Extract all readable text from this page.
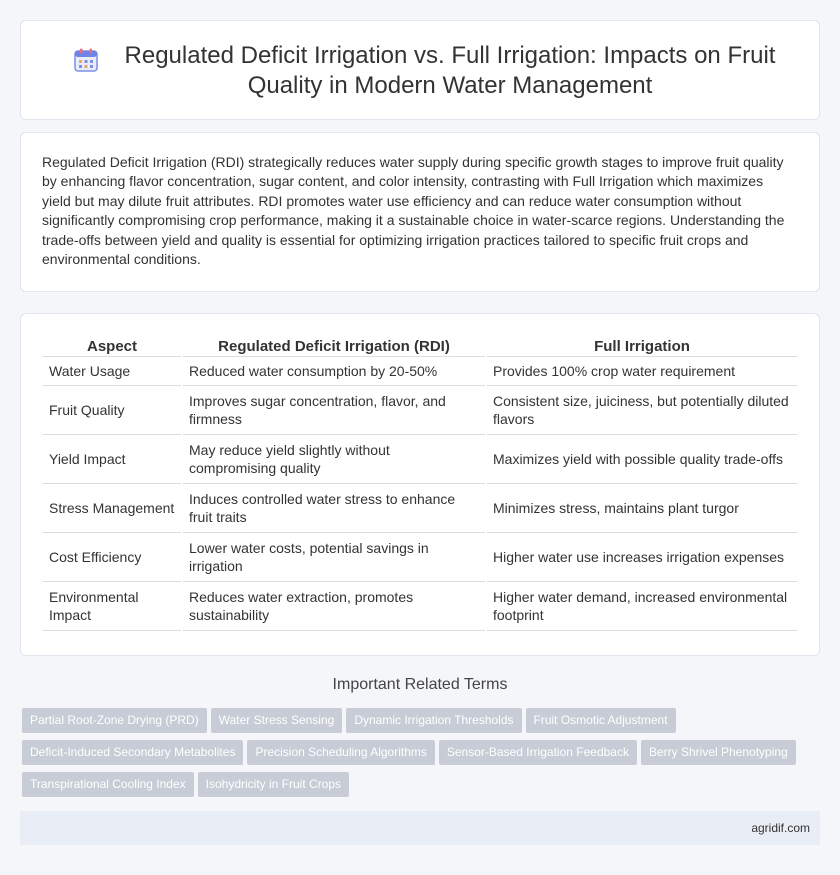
Regulated Deficit Irrigation vs. Full Irrigation: Impacts on Fruit Quality in Modern Water Management

Regulated Deficit Irrigation (RDI) strategically reduces water supply during specific growth stages to improve fruit quality by enhancing flavor concentration, sugar content, and color intensity, contrasting with Full Irrigation which maximizes yield but may dilute fruit attributes. RDI promotes water use efficiency and can reduce water consumption without significantly compromising crop performance, making it a sustainable choice in water-scarce regions. Understanding the trade-offs between yield and quality is essential for optimizing irrigation practices tailored to specific fruit crops and environmental conditions.

Aspect	Regulated Deficit Irrigation (RDI)	Full Irrigation
Water Usage	Reduced water consumption by 20-50%	Provides 100% crop water requirement
Fruit Quality	Improves sugar concentration, flavor, and firmness	Consistent size, juiciness, but potentially diluted flavors
Yield Impact	May reduce yield slightly without compromising quality	Maximizes yield with possible quality trade-offs
Stress Management	Induces controlled water stress to enhance fruit traits	Minimizes stress, maintains plant turgor
Cost Efficiency	Lower water costs, potential savings in irrigation	Higher water use increases irrigation expenses
Environmental Impact	Reduces water extraction, promotes sustainability	Higher water demand, increased environmental footprint
Important Related Terms
Partial Root-Zone Drying (PRD) Water Stress Sensing Dynamic Irrigation Thresholds Fruit Osmotic Adjustment
Deficit-Induced Secondary Metabolites Precision Scheduling Algorithms Sensor-Based Irrigation Feedback Berry Shrivel Phenotyping
Transpirational Cooling Index Isohydricity in Fruit Crops
agridif.com
